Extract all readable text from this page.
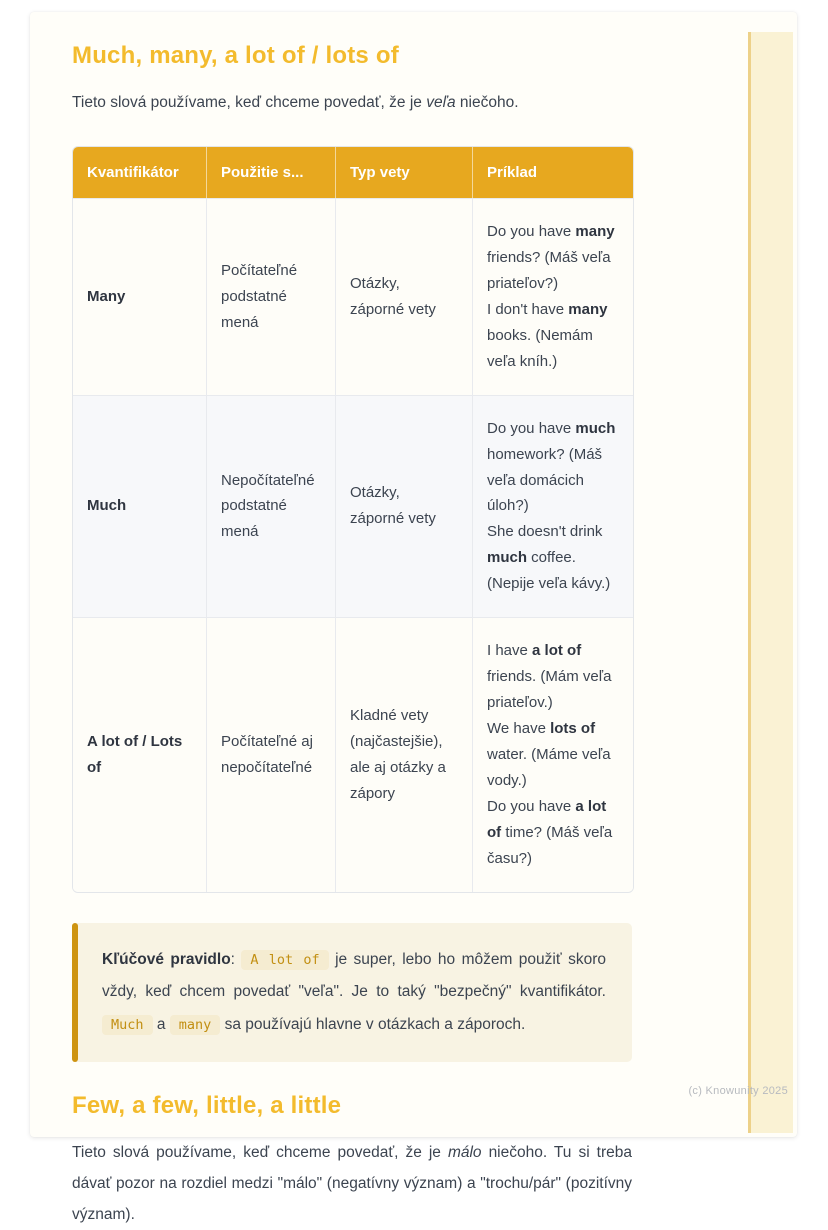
Much, many, a lot of / lots of

Tieto slová používame, keď chceme povedať, že je veľa niečoho.

Kvantifikátor	Použitie s...	Typ vety	Príklad
Many	Počítateľné podstatné mená	Otázky, záporné vety	Do you have many friends? (Máš veľa priateľov?)
I don't have many books. (Nemám veľa kníh.)

Much	Nepočítateľné podstatné mená	Otázky, záporné vety	Do you have much homework? (Máš veľa domácich úloh?)
She doesn't drink much coffee. (Nepije veľa kávy.)

A lot of / Lots of	Počítateľné aj nepočítateľné	Kladné vety (najčastejšie), ale aj otázky a zápory	I have a lot of friends. (Mám veľa priateľov.)
We have lots of water. (Máme veľa vody.)
Do you have a lot of time? (Máš veľa času?)

Kľúčové pravidlo: A lot of je super, lebo ho môžem použiť skoro vždy, keď chcem povedať "veľa". Je to taký "bezpečný" kvantifikátor. Much a many sa používajú hlavne v otázkach a záporoch.

Few, a few, little, a little

Tieto slová používame, keď chceme povedať, že je málo niečoho. Tu si treba dávať pozor na rozdiel medzi "málo" (negatívny význam) a "trochu/pár" (pozitívny význam).

(c) Knowunity 2025
